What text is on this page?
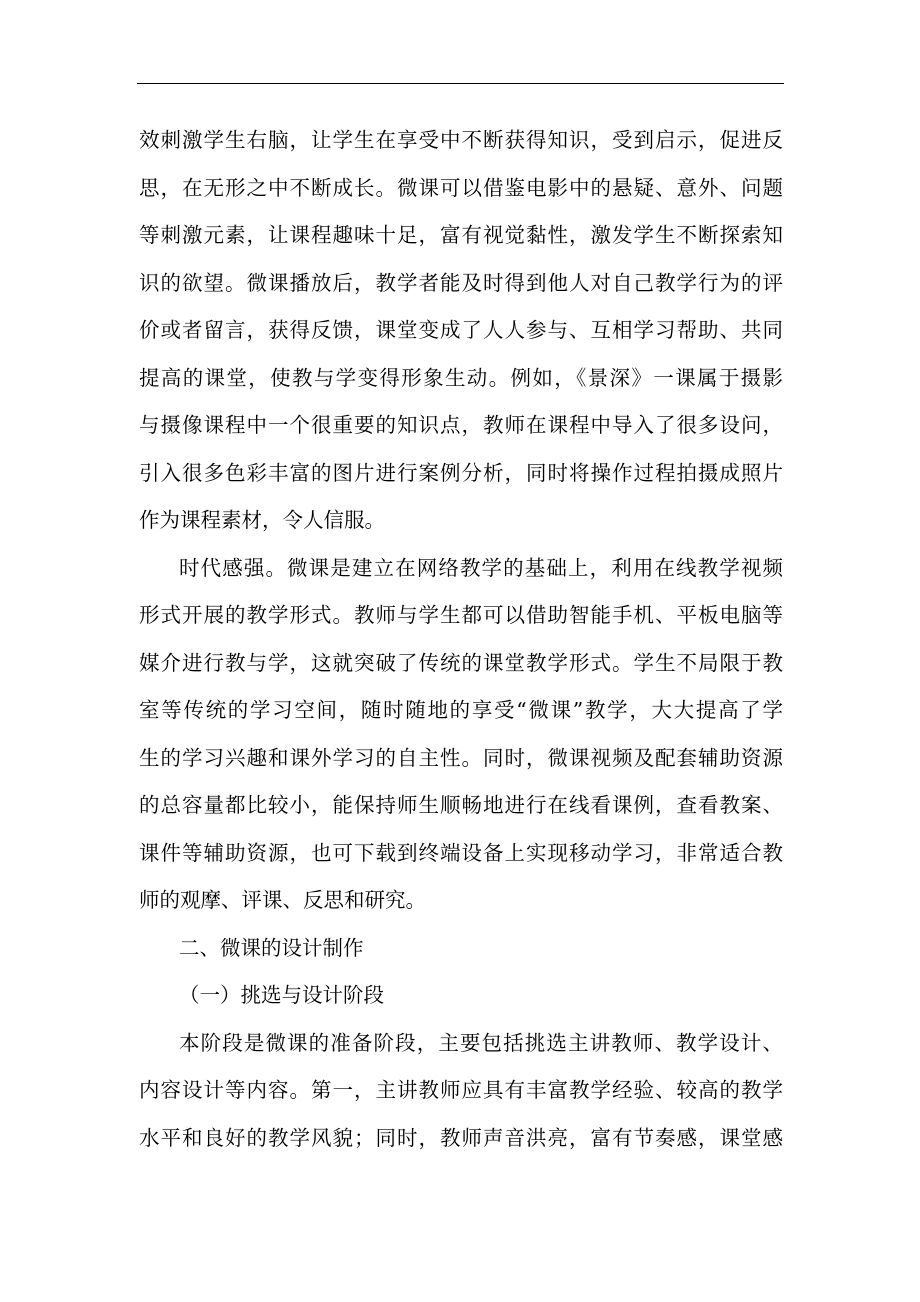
效刺激学生右脑，让学生在享受中不断获得知识，受到启示，促进反
思，在无形之中不断成长。微课可以借鉴电影中的悬疑、意外、问题
等刺激元素，让课程趣味十足，富有视觉黏性，激发学生不断探索知
识的欲望。微课播放后，教学者能及时得到他人对自己教学行为的评
价或者留言，获得反馈，课堂变成了人人参与、互相学习帮助、共同
提高的课堂，使教与学变得形象生动。例如，《景深》一课属于摄影
与摄像课程中一个很重要的知识点，教师在课程中导入了很多设问，
引入很多色彩丰富的图片进行案例分析，同时将操作过程拍摄成照片
作为课程素材，令人信服。
时代感强。微课是建立在网络教学的基础上，利用在线教学视频
形式开展的教学形式。教师与学生都可以借助智能手机、平板电脑等
媒介进行教与学，这就突破了传统的课堂教学形式。学生不局限于教
室等传统的学习空间，随时随地的享受“微课”教学，大大提高了学
生的学习兴趣和课外学习的自主性。同时，微课视频及配套辅助资源
的总容量都比较小，能保持师生顺畅地进行在线看课例，查看教案、
课件等辅助资源，也可下载到终端设备上实现移动学习，非常适合教
师的观摩、评课、反思和研究。
二、微课的设计制作
（一）挑选与设计阶段
本阶段是微课的准备阶段，主要包括挑选主讲教师、教学设计、
内容设计等内容。第一，主讲教师应具有丰富教学经验、较高的教学
水平和良好的教学风貌；同时，教师声音洪亮，富有节奏感，课堂感
